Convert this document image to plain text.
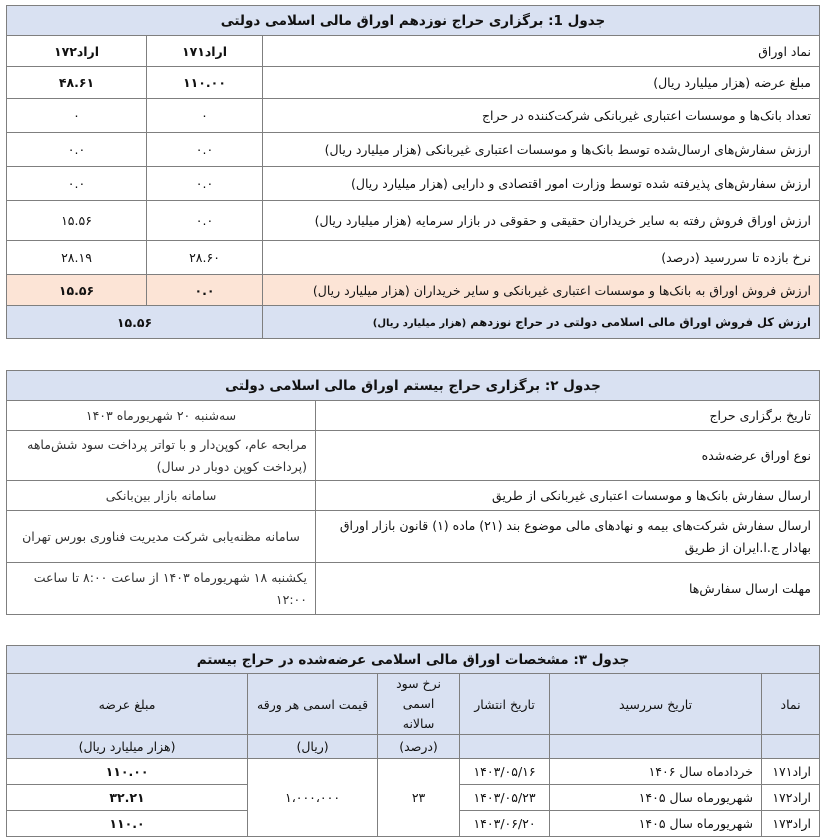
جدول 1: برگزاری حراج نوزدهم اوراق مالی اسلامی دولتی		
نماد اوراق	اراد۱۷۱	اراد۱۷۲
مبلغ عرضه (هزار میلیارد ریال)	۱۱۰.۰۰	۴۸.۶۱
تعداد بانک‌ها و موسسات اعتباری غیربانکی شرکت‌کننده در حراج	۰	۰
ارزش سفارش‌های ارسال‌شده توسط بانک‌ها و موسسات اعتباری غیربانکی (هزار میلیارد ریال)	۰.۰	۰.۰
ارزش سفارش‌های پذیرفته شده توسط وزارت امور اقتصادی و دارایی (هزار میلیارد ریال)	۰.۰	۰.۰
ارزش اوراق فروش رفته به سایر خریداران حقیقی و حقوقی در بازار سرمایه (هزار میلیارد ریال)	۰.۰	۱۵.۵۶
نرخ بازده تا سررسید (درصد)	۲۸.۶۰	۲۸.۱۹
ارزش فروش اوراق به بانک‌ها و موسسات اعتباری غیربانکی و سایر خریداران (هزار میلیارد ریال)	۰.۰	۱۵.۵۶
ارزش کل فروش اوراق مالی اسلامی دولتی در حراج نوزدهم (هزار میلیارد ریال)	۱۵.۵۶	
جدول ۲: برگزاری حراج بیستم اوراق مالی اسلامی دولتی	
تاریخ برگزاری حراج	سه‌شنبه ۲۰ شهریورماه ۱۴۰۳
نوع اوراق عرضه‌شده	مرابحه عام، کوپن‌دار و با تواتر پرداخت سود شش‌ماهه (پرداخت کوپن دوبار در سال)
ارسال سفارش بانک‌ها و موسسات اعتباری غیربانکی از طریق	سامانه بازار بین‌بانکی
ارسال سفارش شرکت‌های بیمه و نهادهای مالی موضوع بند (۲۱) ماده (۱) قانون بازار اوراق بهادار ج.ا.ایران از طریق	سامانه مظنه‌یابی شرکت مدیریت فناوری بورس تهران
مهلت ارسال سفارش‌ها	یکشنبه ۱۸ شهریورماه ۱۴۰۳ از ساعت ۸:۰۰ تا ساعت ۱۲:۰۰
جدول ۳: مشخصات اوراق مالی اسلامی عرضه‌شده در حراج بیستم					
نماد	تاریخ سررسید	تاریخ انتشار	نرخ سود اسمی سالانه	قیمت اسمی هر ورقه	مبلغ عرضه
			(درصد)	(ریال)	(هزار میلیارد ریال)
اراد۱۷۱	خردادماه سال ۱۴۰۶	۱۴۰۳/۰۵/۱۶	۲۳	۱،۰۰۰،۰۰۰	۱۱۰.۰۰
اراد۱۷۲	شهریورماه سال ۱۴۰۵	۱۴۰۳/۰۵/۲۳			۳۲.۲۱
اراد۱۷۳	شهریورماه سال ۱۴۰۵	۱۴۰۳/۰۶/۲۰			۱۱۰.۰
